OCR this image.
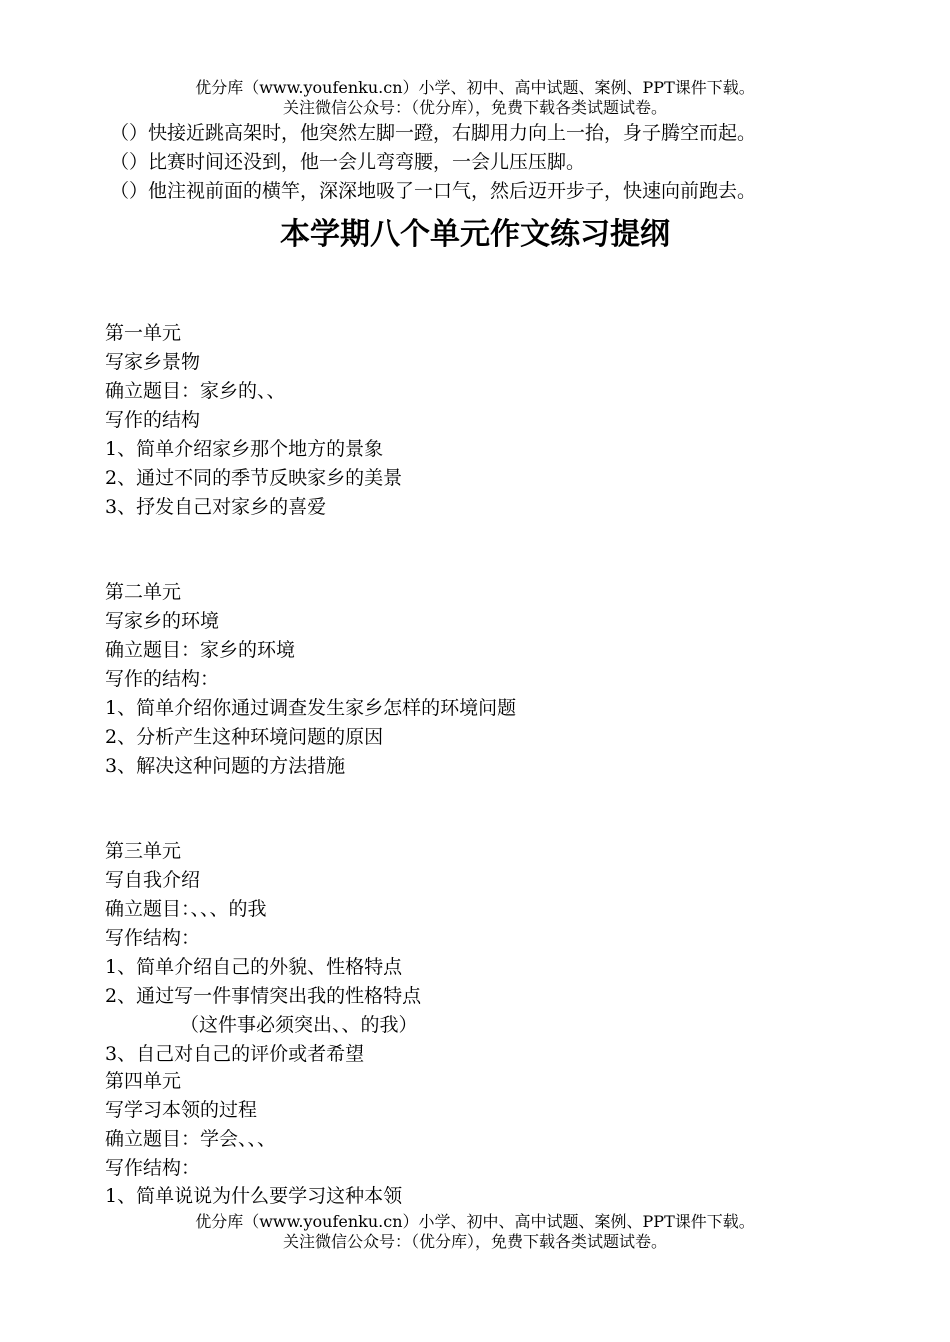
优分库（www.youfenku.cn）小学、初中、高中试题、案例、PPT课件下载。
关注微信公众号：（优分库），免费下载各类试题试卷。
（）快接近跳高架时，他突然左脚一蹬，右脚用力向上一抬，身子腾空而起。
（）比赛时间还没到，他一会儿弯弯腰，一会儿压压脚。
（）他注视前面的横竿，深深地吸了一口气，然后迈开步子，快速向前跑去。
本学期八个单元作文练习提纲
第一单元
写家乡景物
确立题目：家乡的、、
写作的结构
1、简单介绍家乡那个地方的景象
2、通过不同的季节反映家乡的美景
3、抒发自己对家乡的喜爱
第二单元
写家乡的环境
确立题目：家乡的环境
写作的结构：
1、简单介绍你通过调查发生家乡怎样的环境问题
2、分析产生这种环境问题的原因
3、解决这种问题的方法措施
第三单元
写自我介绍
确立题目：、、、的我
写作结构：
1、简单介绍自己的外貌、性格特点
2、通过写一件事情突出我的性格特点
（这件事必须突出、、的我）
3、自己对自己的评价或者希望
第四单元
写学习本领的过程
确立题目：学会、、、
写作结构：
1、简单说说为什么要学习这种本领
优分库（www.youfenku.cn）小学、初中、高中试题、案例、PPT课件下载。
关注微信公众号：（优分库），免费下载各类试题试卷。
